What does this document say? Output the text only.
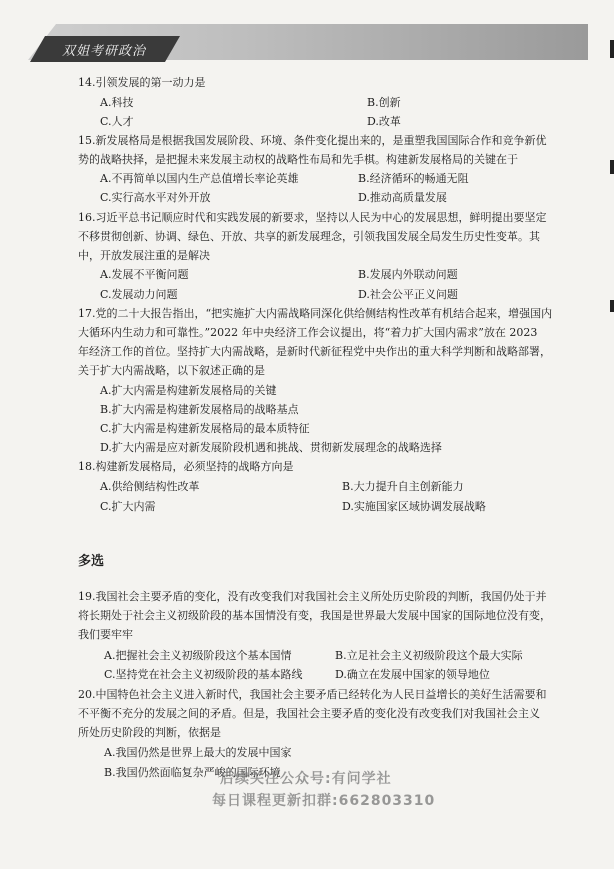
双姐考研政治
14.引领发展的第一动力是
A.科技	B.创新
C.人才	D.改革
15.新发展格局是根据我国发展阶段、环境、条件变化提出来的，是重塑我国国际合作和竞争新优
势的战略抉择，是把握未来发展主动权的战略性布局和先手棋。构建新发展格局的关键在于
A.不再简单以国内生产总值增长率论英雄	B.经济循环的畅通无阻
C.实行高水平对外开放	D.推动高质量发展
16.习近平总书记顺应时代和实践发展的新要求，坚持以人民为中心的发展思想，鲜明提出要坚定
不移贯彻创新、协调、绿色、开放、共享的新发展理念，引领我国发展全局发生历史性变革。其
中，开放发展注重的是解决
A.发展不平衡问题	B.发展内外联动问题
C.发展动力问题	D.社会公平正义问题
17.党的二十大报告指出，“把实施扩大内需战略同深化供给侧结构性改革有机结合起来，增强国内
大循环内生动力和可靠性。”2022 年中央经济工作会议提出，将“着力扩大国内需求”放在 2023
年经济工作的首位。坚持扩大内需战略，是新时代新征程党中央作出的重大科学判断和战略部署，
关于扩大内需战略，以下叙述正确的是
A.扩大内需是构建新发展格局的关键
B.扩大内需是构建新发展格局的战略基点
C.扩大内需是构建新发展格局的最本质特征
D.扩大内需是应对新发展阶段机遇和挑战、贯彻新发展理念的战略选择
18.构建新发展格局，必须坚持的战略方向是
A.供给侧结构性改革	B.大力提升自主创新能力
C.扩大内需	D.实施国家区域协调发展战略
多选
19.我国社会主要矛盾的变化，没有改变我们对我国社会主义所处历史阶段的判断，我国仍处于并
将长期处于社会主义初级阶段的基本国情没有变，我国是世界最大发展中国家的国际地位没有变，
我们要牢牢
A.把握社会主义初级阶段这个基本国情	B.立足社会主义初级阶段这个最大实际
C.坚持党在社会主义初级阶段的基本路线	D.确立在发展中国家的领导地位
20.中国特色社会主义进入新时代，我国社会主要矛盾已经转化为人民日益增长的美好生活需要和
不平衡不充分的发展之间的矛盾。但是，我国社会主要矛盾的变化没有改变我们对我国社会主义
所处历史阶段的判断，依据是
A.我国仍然是世界上最大的发展中国家
B.我国仍然面临复杂严峻的国际环境
后续关注公众号:有问学社
每日课程更新扣群:662803310
